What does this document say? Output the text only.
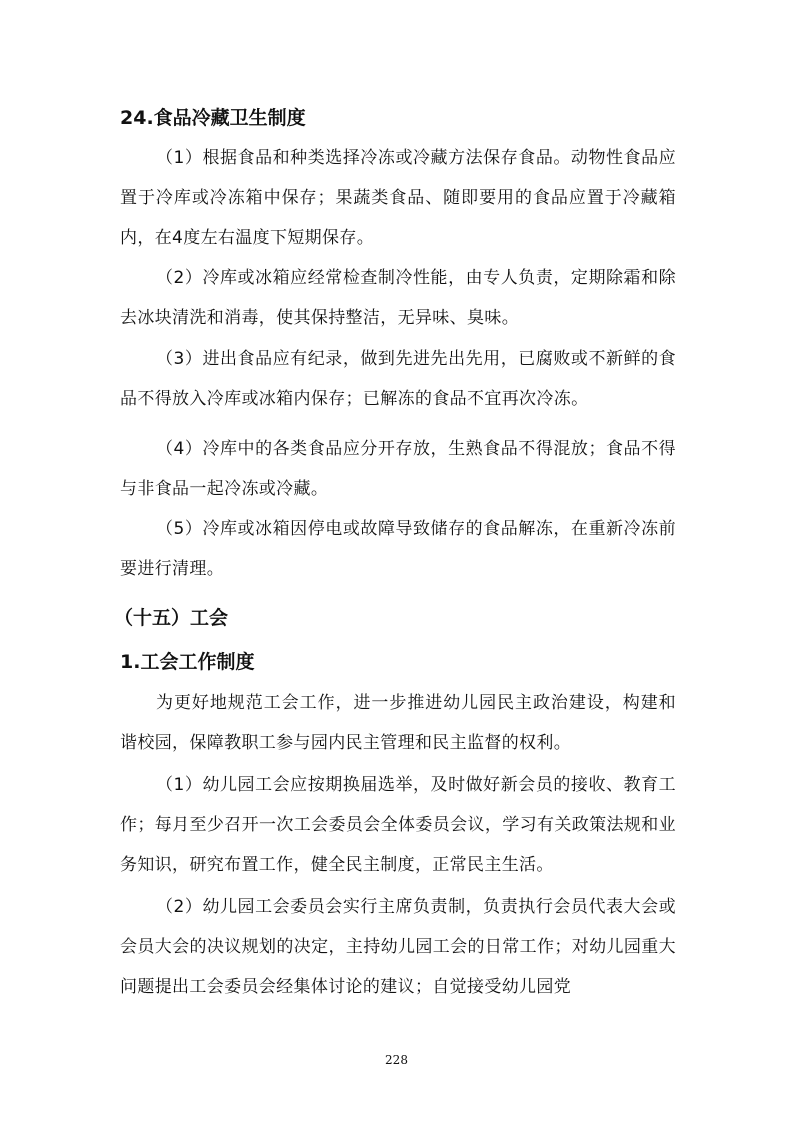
24.食品冷藏卫生制度

（1）根据食品和种类选择冷冻或冷藏方法保存食品。动物性食品应置于冷库或冷冻箱中保存；果蔬类食品、随即要用的食品应置于冷藏箱内，在4度左右温度下短期保存。

（2）冷库或冰箱应经常检查制冷性能，由专人负责，定期除霜和除去冰块清洗和消毒，使其保持整洁，无异味、臭味。

（3）进出食品应有纪录，做到先进先出先用，已腐败或不新鲜的食品不得放入冷库或冰箱内保存；已解冻的食品不宜再次冷冻。

（4）冷库中的各类食品应分开存放，生熟食品不得混放；食品不得与非食品一起冷冻或冷藏。

（5）冷库或冰箱因停电或故障导致储存的食品解冻，在重新冷冻前要进行清理。

（十五）工会
1.工会工作制度

为更好地规范工会工作，进一步推进幼儿园民主政治建设，构建和谐校园，保障教职工参与园内民主管理和民主监督的权利。

（1）幼儿园工会应按期换届选举，及时做好新会员的接收、教育工作；每月至少召开一次工会委员会全体委员会议，学习有关政策法规和业务知识，研究布置工作，健全民主制度，正常民主生活。

（2）幼儿园工会委员会实行主席负责制，负责执行会员代表大会或会员大会的决议规划的决定，主持幼儿园工会的日常工作；对幼儿园重大问题提出工会委员会经集体讨论的建议；自觉接受幼儿园党

228
